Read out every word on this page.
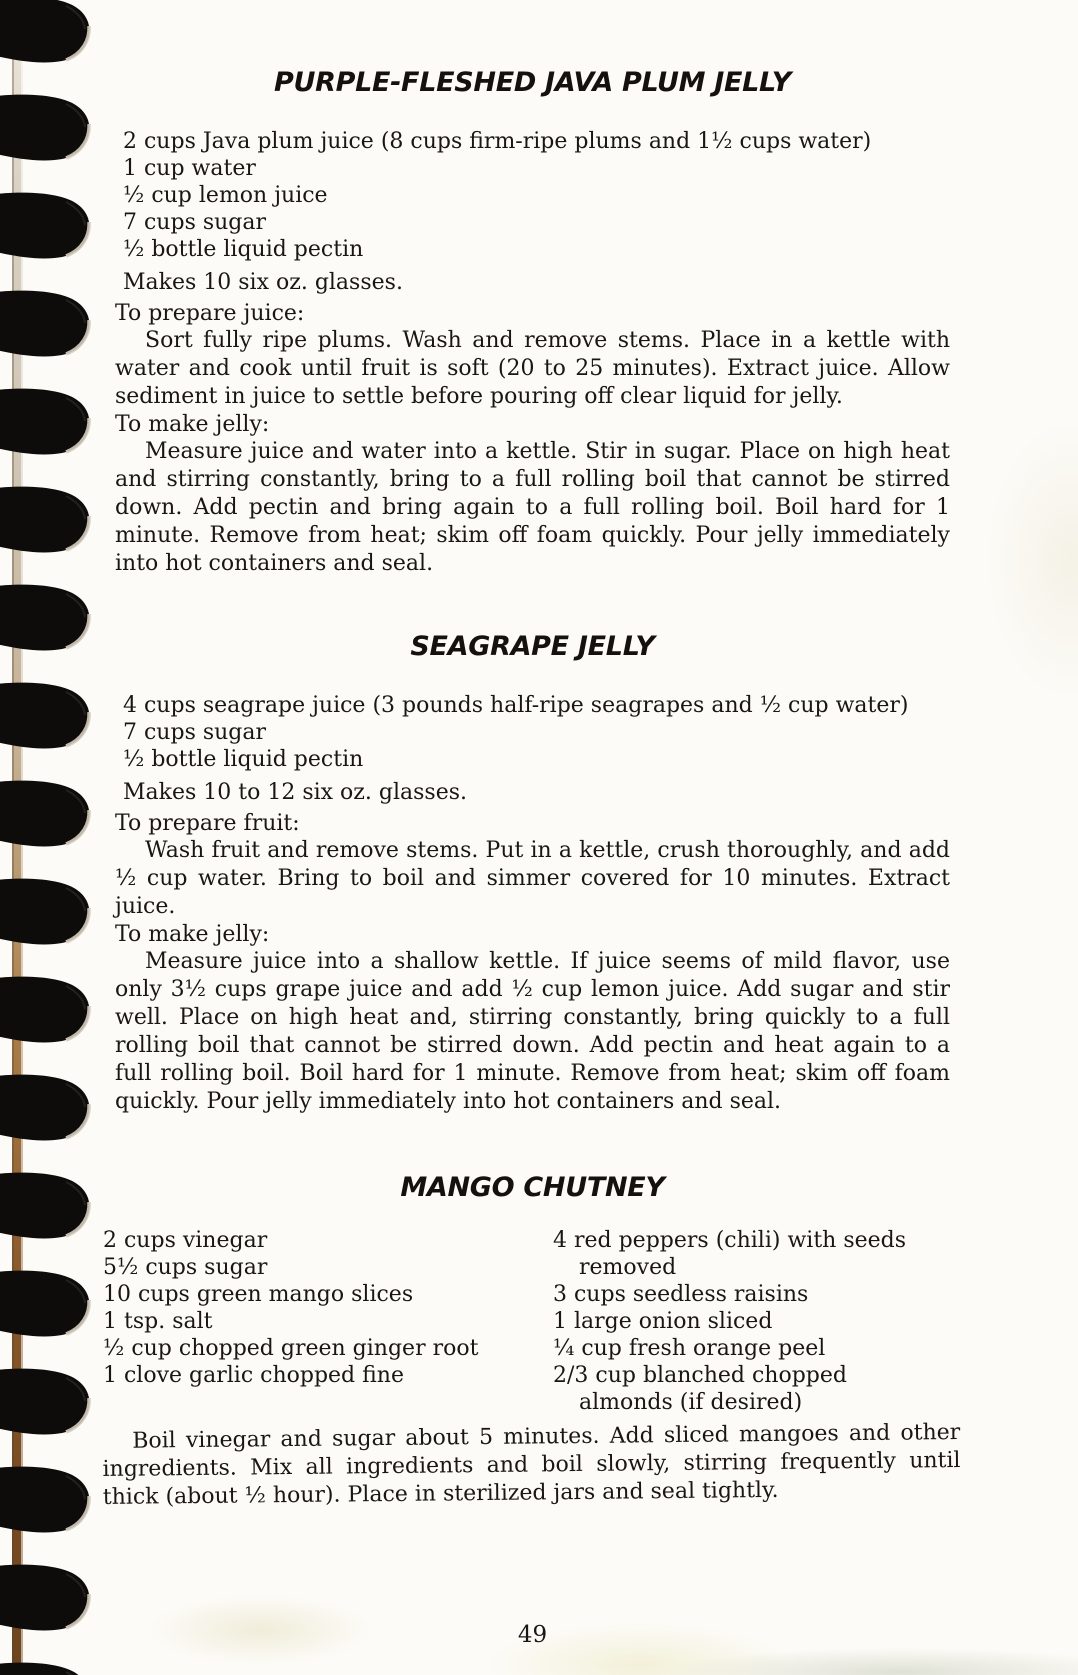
PURPLE-FLESHED JAVA PLUM JELLY
2 cups Java plum juice (8 cups firm-ripe plums and 1½ cups water)
1 cup water
½ cup lemon juice
7 cups sugar
½ bottle liquid pectin

Makes 10 six oz. glasses.

To prepare juice:

Sort fully ripe plums. Wash and remove stems. Place in a kettle with water and cook until fruit is soft (20 to 25 minutes). Extract juice. Allow sediment in juice to settle before pouring off clear liquid for jelly.

To make jelly:

Measure juice and water into a kettle. Stir in sugar. Place on high heat and stirring constantly, bring to a full rolling boil that cannot be stirred down. Add pectin and bring again to a full rolling boil. Boil hard for 1 minute. Remove from heat; skim off foam quickly. Pour jelly immediately into hot containers and seal.

SEAGRAPE JELLY
4 cups seagrape juice (3 pounds half-ripe seagrapes and ½ cup water)
7 cups sugar
½ bottle liquid pectin

Makes 10 to 12 six oz. glasses.

To prepare fruit:

Wash fruit and remove stems. Put in a kettle, crush thoroughly, and add ½ cup water. Bring to boil and simmer covered for 10 minutes. Extract juice.

To make jelly:

Measure juice into a shallow kettle. If juice seems of mild flavor, use only 3½ cups grape juice and add ½ cup lemon juice. Add sugar and stir well. Place on high heat and, stirring constantly, bring quickly to a full rolling boil that cannot be stirred down. Add pectin and heat again to a full rolling boil. Boil hard for 1 minute. Remove from heat; skim off foam quickly. Pour jelly immediately into hot containers and seal.

MANGO CHUTNEY
2 cups vinegar
5½ cups sugar
10 cups green mango slices
1 tsp. salt
½ cup chopped green ginger root
1 clove garlic chopped fine
4 red peppers (chili) with seeds removed
3 cups seedless raisins
1 large onion sliced
¼ cup fresh orange peel
2/3 cup blanched chopped almonds (if desired)

Boil vinegar and sugar about 5 minutes. Add sliced mangoes and other ingredients. Mix all ingredients and boil slowly, stirring frequently until thick (about ½ hour). Place in sterilized jars and seal tightly.

49
